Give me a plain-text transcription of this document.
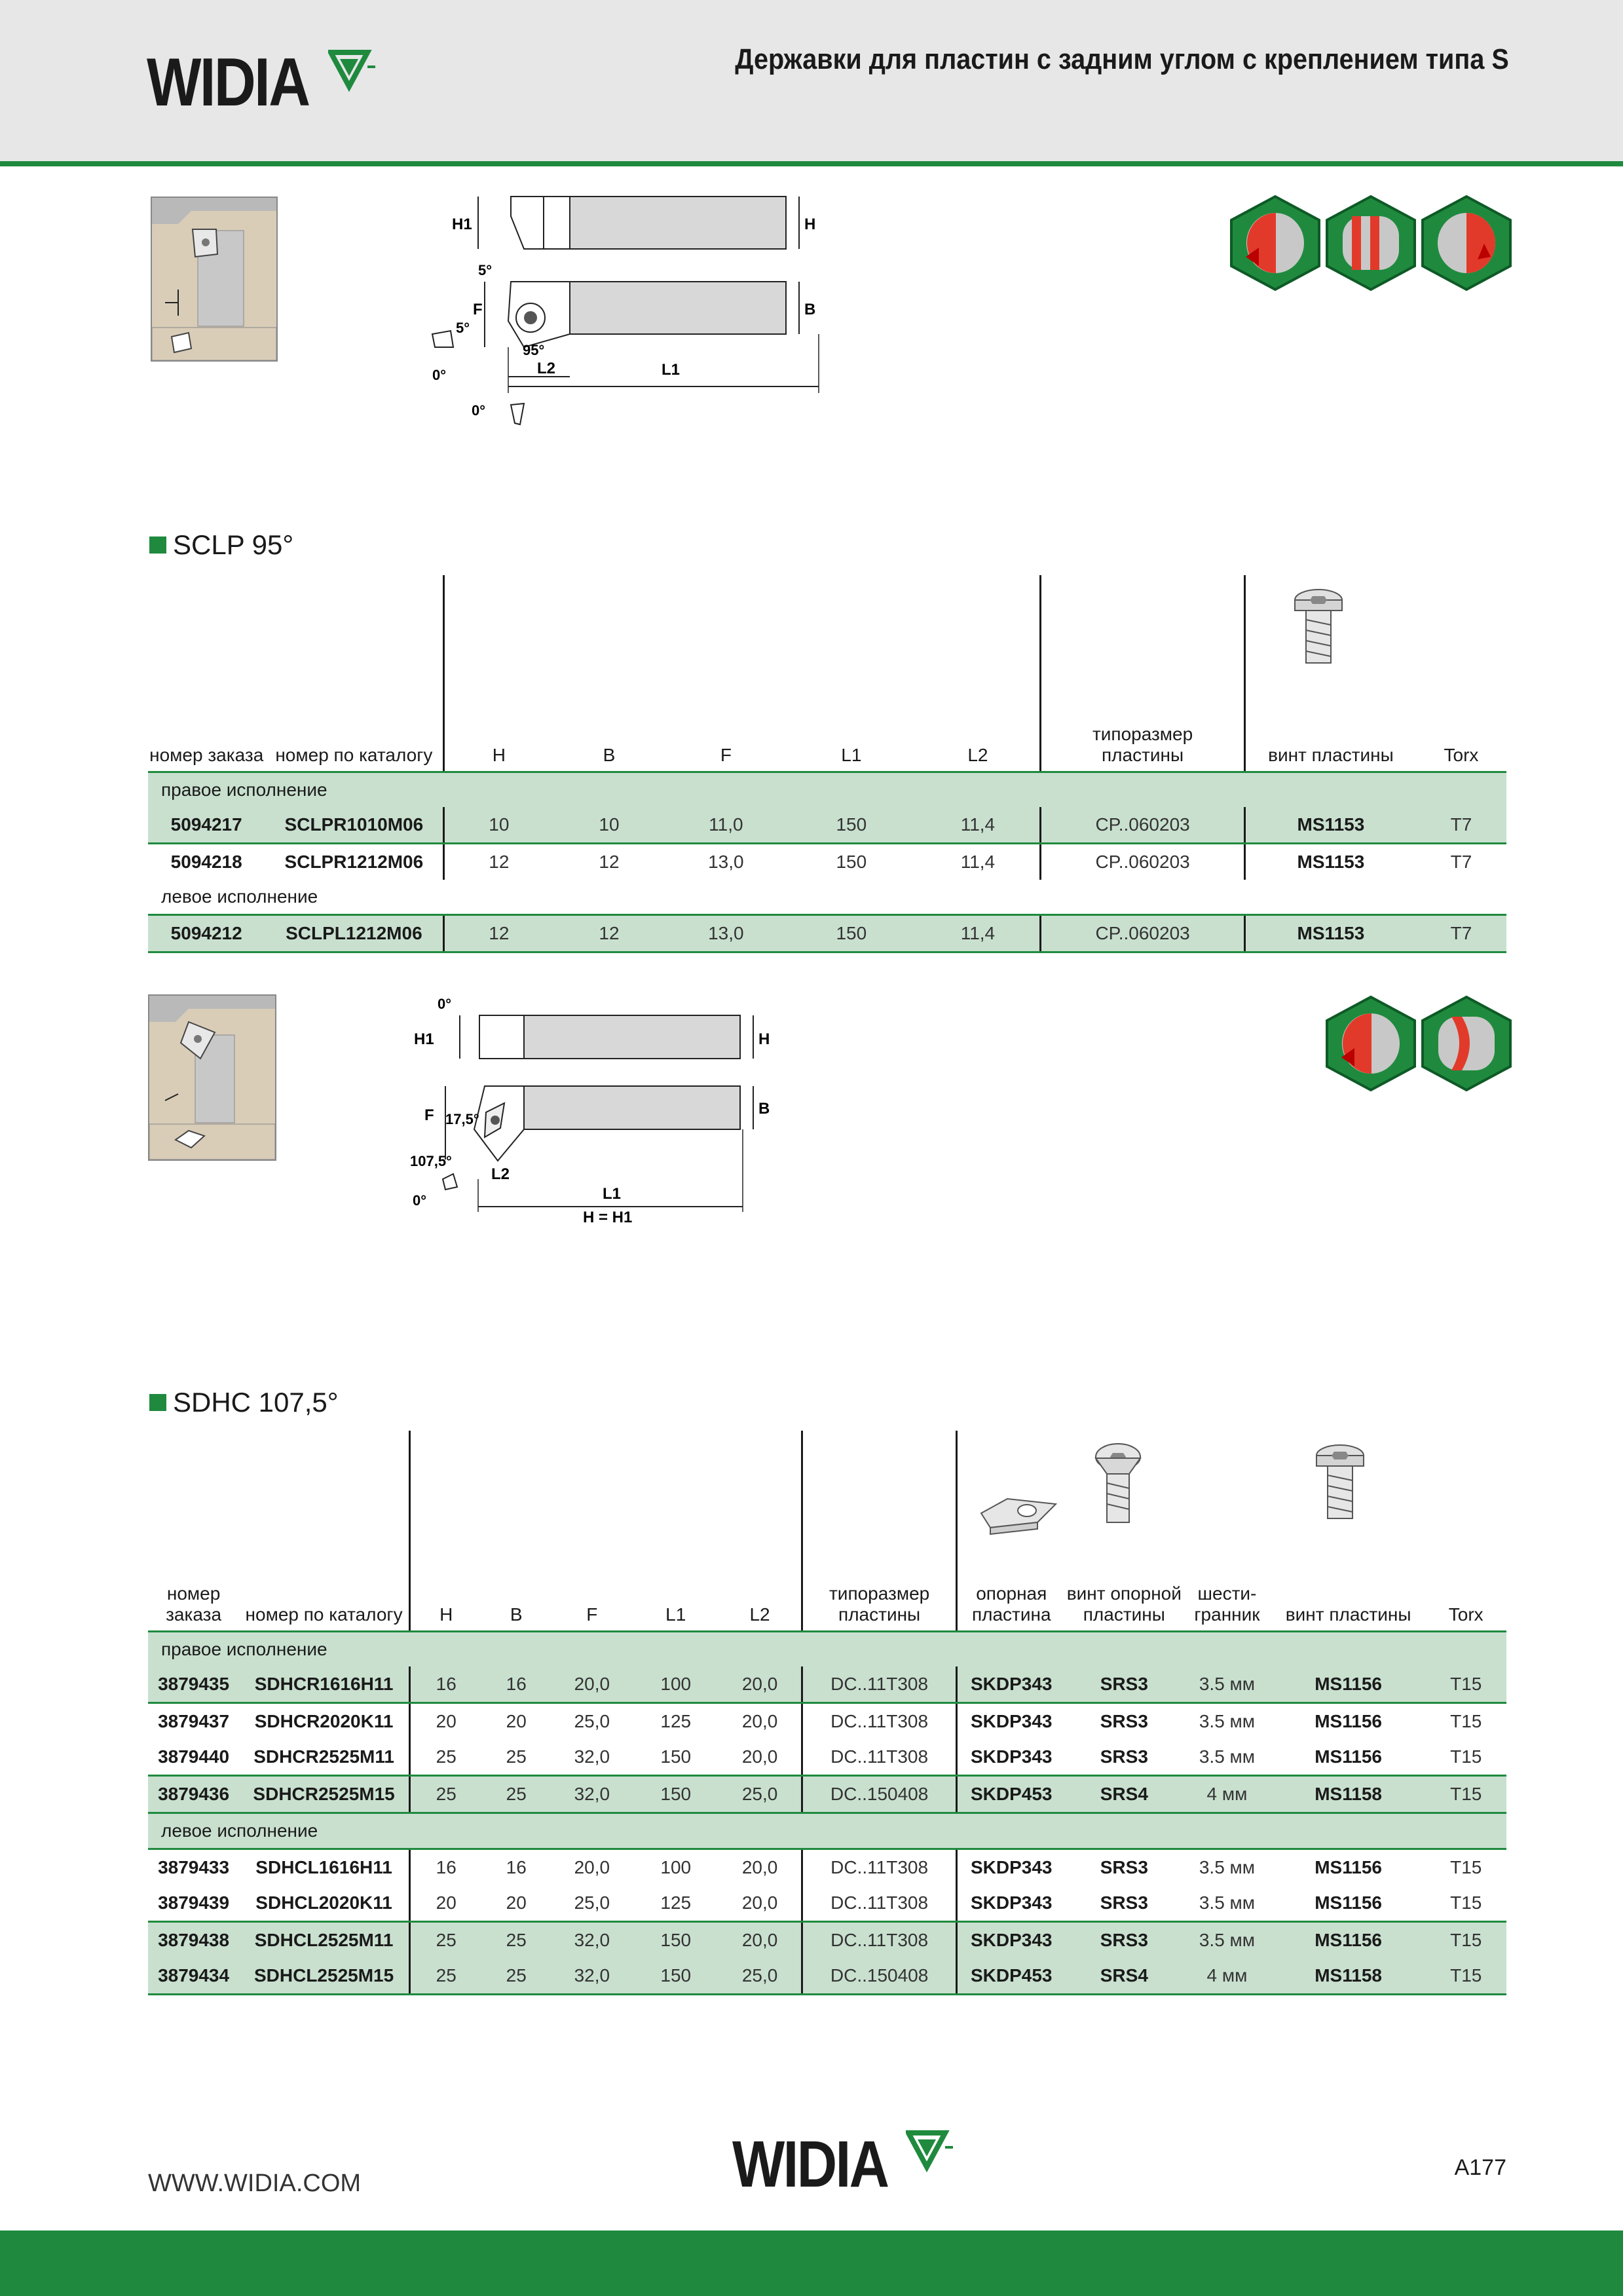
WIDIA	Державки для пластин с задним углом с креплением типа S
H1	H
B
F
L1
L2
5°
5°
95°
0°
0°
SCLP 95°
номер заказа	номер по каталогу	H	B	F	L1	L2	типоразмер пластины	винт пластины	Torx
правое исполнение									
5094217	SCLPR1010M06	10	10	11,0	150	11,4	CP..060203	MS1153	T7
5094218	SCLPR1212M06	12	12	13,0	150	11,4	CP..060203	MS1153	T7
левое исполнение									
5094212	SCLPL1212M06	12	12	13,0	150	11,4	CP..060203	MS1153	T7
0°
H1	H
B
F 17,5°
107,5°
0°
L2
L1
H = H1
SDHC 107,5°
номер заказа	номер по каталогу	H	B	F	L1	L2	типоразмер пластины	опорная пластина	винт опорной пластины	шести- гранник	винт пластины	Torx
правое исполнение												
3879435	SDHCR1616H11	16	16	20,0	100	20,0	DC..11T308	SKDP343	SRS3	3.5 мм	MS1156	T15
3879437	SDHCR2020K11	20	20	25,0	125	20,0	DC..11T308	SKDP343	SRS3	3.5 мм	MS1156	T15
3879440	SDHCR2525M11	25	25	32,0	150	20,0	DC..11T308	SKDP343	SRS3	3.5 мм	MS1156	T15
3879436	SDHCR2525M15	25	25	32,0	150	25,0	DC..150408	SKDP453	SRS4	4 мм	MS1158	T15
левое исполнение												
3879433	SDHCL1616H11	16	16	20,0	100	20,0	DC..11T308	SKDP343	SRS3	3.5 мм	MS1156	T15
3879439	SDHCL2020K11	20	20	25,0	125	20,0	DC..11T308	SKDP343	SRS3	3.5 мм	MS1156	T15
3879438	SDHCL2525M11	25	25	32,0	150	20,0	DC..11T308	SKDP343	SRS3	3.5 мм	MS1156	T15
3879434	SDHCL2525M15	25	25	32,0	150	25,0	DC..150408	SKDP453	SRS4	4 мм	MS1158	T15
WWW.WIDIA.COM	WIDIA	A177
